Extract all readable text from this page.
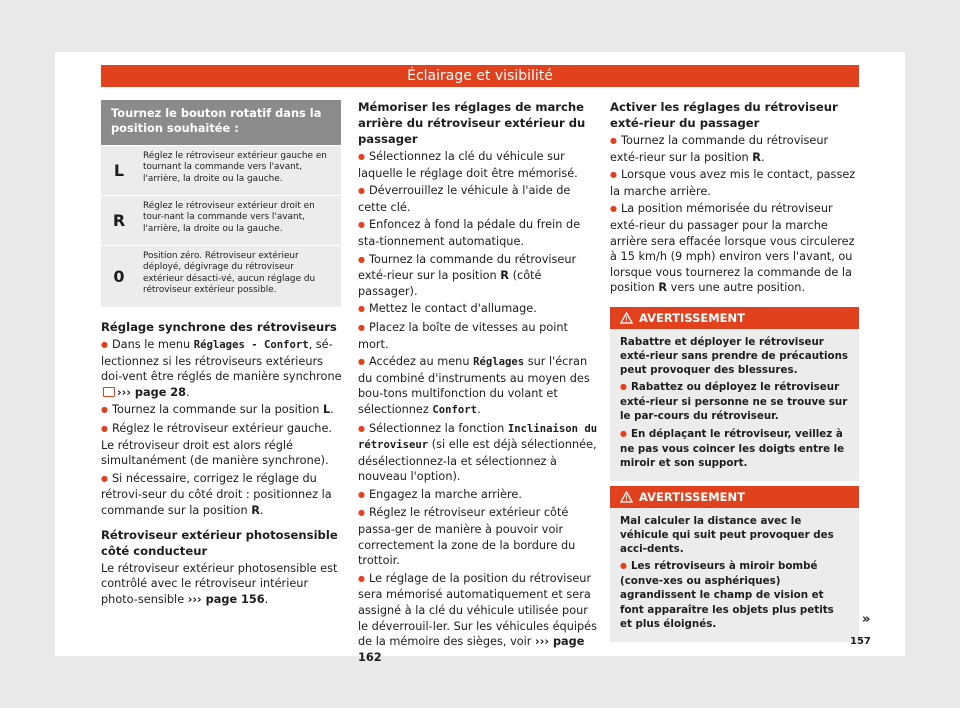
Éclairage et visibilité
Tournez le bouton rotatif dans la position souhaitée :
L
Réglez le rétroviseur extérieur gauche en tournant la commande vers l'avant, l'arrière, la droite ou la gauche.
R
Réglez le rétroviseur extérieur droit en tour-nant la commande vers l'avant, l'arrière, la droite ou la gauche.
0
Position zéro. Rétroviseur extérieur déployé, dégivrage du rétroviseur extérieur désacti-vé, aucun réglage du rétroviseur extérieur possible.

Réglage synchrone des rétroviseurs

● Dans le menu Réglages - Confort, sé-lectionnez si les rétroviseurs extérieurs doi-vent être réglés de manière synchrone ››› page 28.

● Tournez la commande sur la position L.

● Réglez le rétroviseur extérieur gauche. Le rétroviseur droit est alors réglé simultanément (de manière synchrone).

● Si nécessaire, corrigez le réglage du rétrovi-seur du côté droit : positionnez la commande sur la position R.

Rétroviseur extérieur photosensible côté conducteur

Le rétroviseur extérieur photosensible est contrôlé avec le rétroviseur intérieur photo-sensible ››› page 156.

Mémoriser les réglages de marche arrière du rétroviseur extérieur du passager

● Sélectionnez la clé du véhicule sur laquelle le réglage doit être mémorisé.

● Déverrouillez le véhicule à l'aide de cette clé.

● Enfoncez à fond la pédale du frein de sta-tionnement automatique.

● Tournez la commande du rétroviseur exté-rieur sur la position R (côté passager).

● Mettez le contact d'allumage.

● Placez la boîte de vitesses au point mort.

● Accédez au menu Réglages sur l'écran du combiné d'instruments au moyen des bou-tons multifonction du volant et sélectionnez Confort.

● Sélectionnez la fonction Inclinaison du rétroviseur (si elle est déjà sélectionnée, désélectionnez-la et sélectionnez à nouveau l'option).

● Engagez la marche arrière.

● Réglez le rétroviseur extérieur côté passa-ger de manière à pouvoir voir correctement la zone de la bordure du trottoir.

● Le réglage de la position du rétroviseur sera mémorisé automatiquement et sera assigné à la clé du véhicule utilisée pour le déverrouil-ler. Sur les véhicules équipés de la mémoire des sièges, voir ››› page 162

Activer les réglages du rétroviseur exté-rieur du passager

● Tournez la commande du rétroviseur exté-rieur sur la position R.

● Lorsque vous avez mis le contact, passez la marche arrière.

● La position mémorisée du rétroviseur exté-rieur du passager pour la marche arrière sera effacée lorsque vous circulerez à 15 km/h (9 mph) environ vers l'avant, ou lorsque vous tournerez la commande de la position R vers une autre position.

AVERTISSEMENT

Rabattre et déployer le rétroviseur exté-rieur sans prendre de précautions peut provoquer des blessures.

● Rabattez ou déployez le rétroviseur exté-rieur si personne ne se trouve sur le par-cours du rétroviseur.

● En déplaçant le rétroviseur, veillez à ne pas vous coincer les doigts entre le miroir et son support.

AVERTISSEMENT

Mal calculer la distance avec le véhicule qui suit peut provoquer des acci-dents.

● Les rétroviseurs à miroir bombé (conve-xes ou asphériques) agrandissent le champ de vision et font apparaître les objets plus petits et plus éloignés.	»
157
